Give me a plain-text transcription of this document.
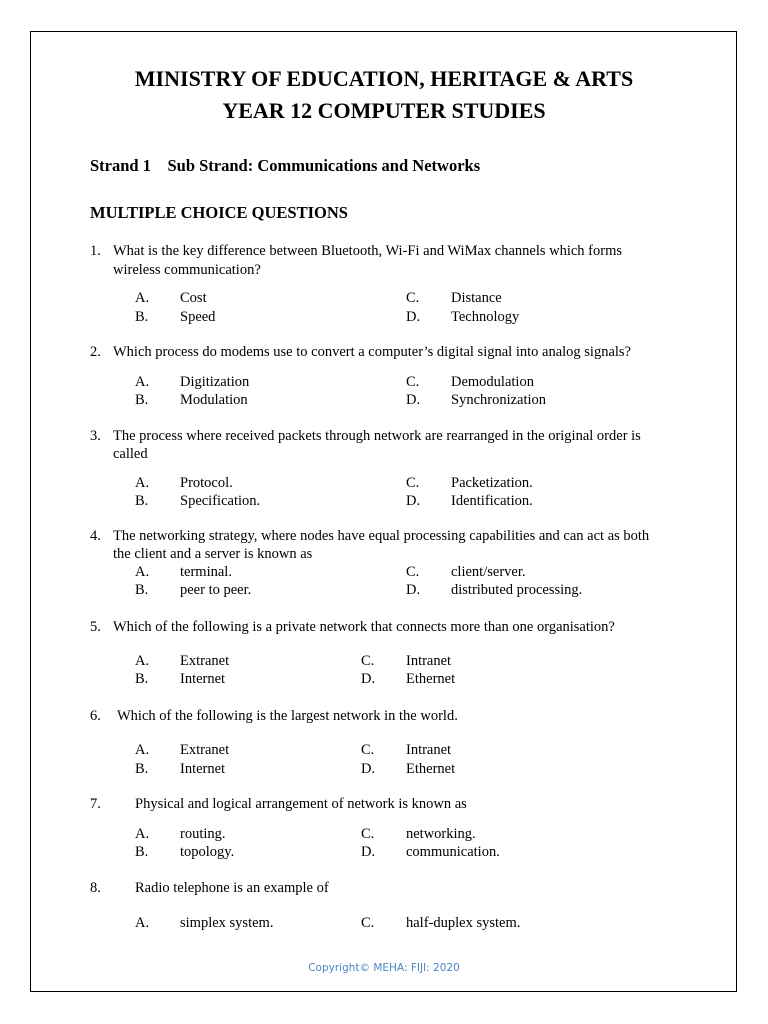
MINISTRY OF EDUCATION, HERITAGE & ARTS
YEAR 12 COMPUTER STUDIES
Strand 1    Sub Strand: Communications and Networks
MULTIPLE CHOICE QUESTIONS
1. What is the key difference between Bluetooth, Wi-Fi and WiMax channels which forms
wireless communication?
A. Cost
B. Speed
C. Distance
D. Technology
2. Which process do modems use to convert a computer’s digital signal into analog signals?
A. Digitization
B. Modulation
C. Demodulation
D. Synchronization
3. The process where received packets through network are rearranged in the original order is
called
A. Protocol.
B. Specification.
C. Packetization.
D. Identification.
4. The networking strategy, where nodes have equal processing capabilities and can act as both
the client and a server is known as
A. terminal.
B. peer to peer.
C. client/server.
D. distributed processing.
5. Which of the following is a private network that connects more than one organisation?
A. Extranet
B. Internet
C. Intranet
D. Ethernet
6. Which of the following is the largest network in the world.
A. Extranet
B. Internet
C. Intranet
D. Ethernet
7. Physical and logical arrangement of network is known as
A. routing.
B. topology.
C. networking.
D. communication.
8. Radio telephone is an example of
A. simplex system.	C. half-duplex system.
Copyright© MEHA: FIJI: 2020
